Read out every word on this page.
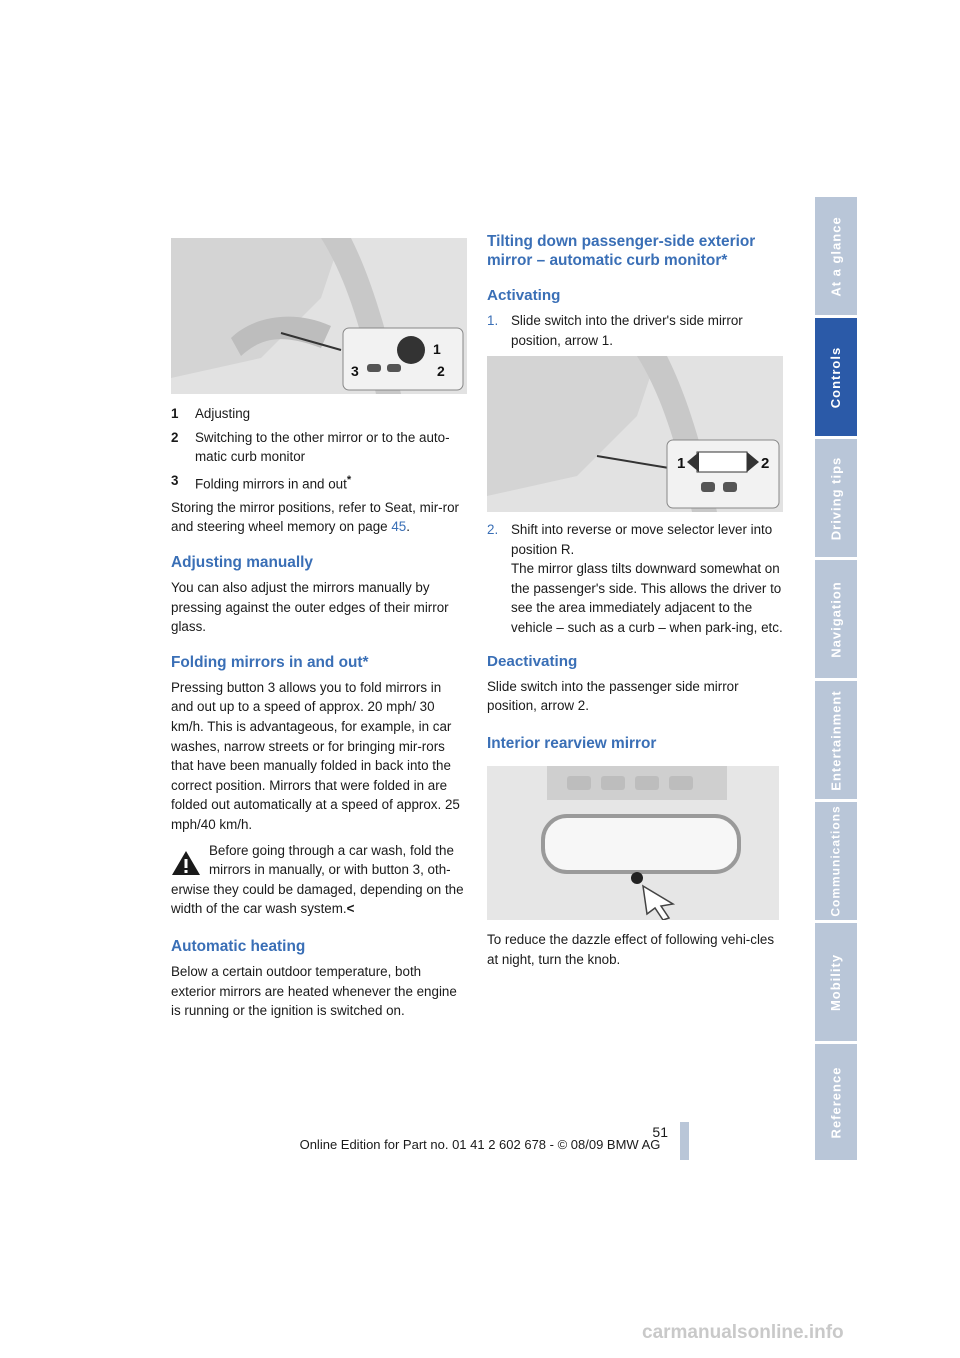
1
2
3
1	Adjusting
2	Switching to the other mirror or to the auto-matic curb monitor
3	Folding mirrors in and out*

Storing the mirror positions, refer to Seat, mir-ror and steering wheel memory on page 45.

Adjusting manually

You can also adjust the mirrors manually by pressing against the outer edges of their mirror glass.

Folding mirrors in and out*

Pressing button 3 allows you to fold mirrors in and out up to a speed of approx. 20 mph/ 30 km/h. This is advantageous, for example, in car washes, narrow streets or for bringing mir-rors that have been manually folded in back into the correct position. Mirrors that were folded in are folded out automatically at a speed of approx. 25 mph/40 km/h.

Before going through a car wash, fold the mirrors in manually, or with button 3, oth-

erwise they could be damaged, depending on the width of the car wash system.<

Automatic heating

Below a certain outdoor temperature, both exterior mirrors are heated whenever the engine is running or the ignition is switched on.

Tilting down passenger-side exterior mirror – automatic curb monitor*
Activating
1. Slide switch into the driver's side mirror position, arrow 1.
1	2
2. Shift into reverse or move selector lever into position R.
The mirror glass tilts downward somewhat on the passenger's side. This allows the driver to see the area immediately adjacent to the vehicle – such as a curb – when park-ing, etc.
Deactivating

Slide switch into the passenger side mirror position, arrow 2.

Interior rearview mirror

To reduce the dazzle effect of following vehi-cles at night, turn the knob.

At a glance
Controls
Driving tips
Navigation
Entertainment
Communications
Mobility
Reference
51
Online Edition for Part no. 01 41 2 602 678 - © 08/09 BMW AG
carmanualsonline.info
